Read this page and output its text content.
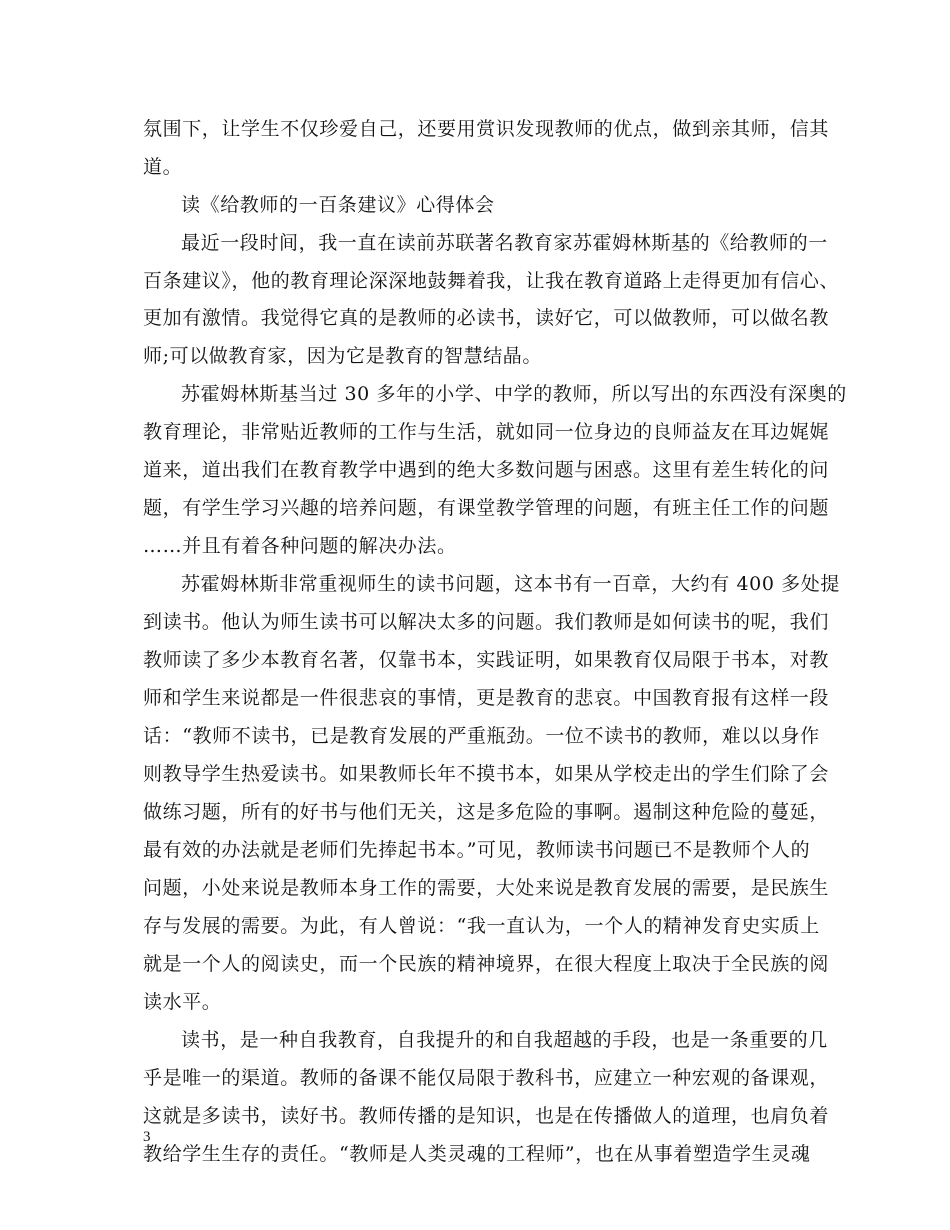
氛围下，让学生不仅珍爱自己，还要用赏识发现教师的优点，做到亲其师，信其
道。
读《给教师的一百条建议》心得体会
最近一段时间，我一直在读前苏联著名教育家苏霍姆林斯基的《给教师的一
百条建议》，他的教育理论深深地鼓舞着我，让我在教育道路上走得更加有信心、
更加有激情。我觉得它真的是教师的必读书，读好它，可以做教师，可以做名教
师;可以做教育家，因为它是教育的智慧结晶。
苏霍姆林斯基当过 30 多年的小学、中学的教师，所以写出的东西没有深奥的
教育理论，非常贴近教师的工作与生活，就如同一位身边的良师益友在耳边娓娓
道来，道出我们在教育教学中遇到的绝大多数问题与困惑。这里有差生转化的问
题，有学生学习兴趣的培养问题，有课堂教学管理的问题，有班主任工作的问题
……并且有着各种问题的解决办法。
苏霍姆林斯非常重视师生的读书问题，这本书有一百章，大约有 400 多处提
到读书。他认为师生读书可以解决太多的问题。我们教师是如何读书的呢，我们
教师读了多少本教育名著，仅靠书本，实践证明，如果教育仅局限于书本，对教
师和学生来说都是一件很悲哀的事情，更是教育的悲哀。中国教育报有这样一段
话：“教师不读书，已是教育发展的严重瓶劲。一位不读书的教师，难以以身作
则教导学生热爱读书。如果教师长年不摸书本，如果从学校走出的学生们除了会
做练习题，所有的好书与他们无关，这是多危险的事啊。遏制这种危险的蔓延，
最有效的办法就是老师们先捧起书本。”可见，教师读书问题已不是教师个人的
问题，小处来说是教师本身工作的需要，大处来说是教育发展的需要，是民族生
存与发展的需要。为此，有人曾说：“我一直认为，一个人的精神发育史实质上
就是一个人的阅读史，而一个民族的精神境界，在很大程度上取决于全民族的阅
读水平。
读书，是一种自我教育，自我提升的和自我超越的手段，也是一条重要的几
乎是唯一的渠道。教师的备课不能仅局限于教科书，应建立一种宏观的备课观，
这就是多读书，读好书。教师传播的是知识，也是在传播做人的道理，也肩负着
教给学生生存的责任。“教师是人类灵魂的工程师”，也在从事着塑造学生灵魂
3
